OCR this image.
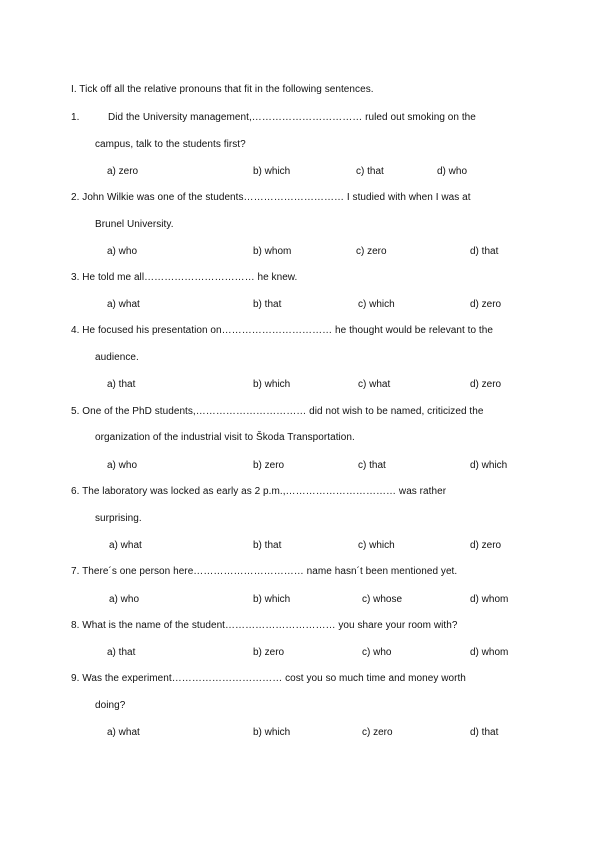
I. Tick off all the relative pronouns that fit in the following sentences.
1.	Did the University management,…………………………… ruled out smoking on the
campus, talk to the students first?
a) zero	b) which	c) that	d) who
2. John Wilkie was one of the students………………………… I studied with when I was at
Brunel University.
a) who	b) whom	c) zero	d) that
3. He told me all…………………………… he knew.
a) what	b) that	c) which	d) zero
4. He focused his presentation on…………………………… he thought would be relevant to the
audience.
a) that	b) which	c) what	d) zero
5. One of the PhD students,…………………………… did not wish to be named, criticized the
organization of the industrial visit to Škoda Transportation.
a) who	b) zero	c) that	d) which
6. The laboratory was locked as early as 2 p.m.,…………………………… was rather
surprising.
a) what	b) that	c) which	d) zero
7. There´s one person here…………………………… name hasn´t been mentioned yet.
a) who	b) which	c) whose	d) whom
8. What is the name of the student…………………………… you share your room with?
a) that	b) zero	c) who	d) whom
9. Was the experiment…………………………… cost you so much time and money worth
doing?
a) what	b) which	c) zero	d) that
